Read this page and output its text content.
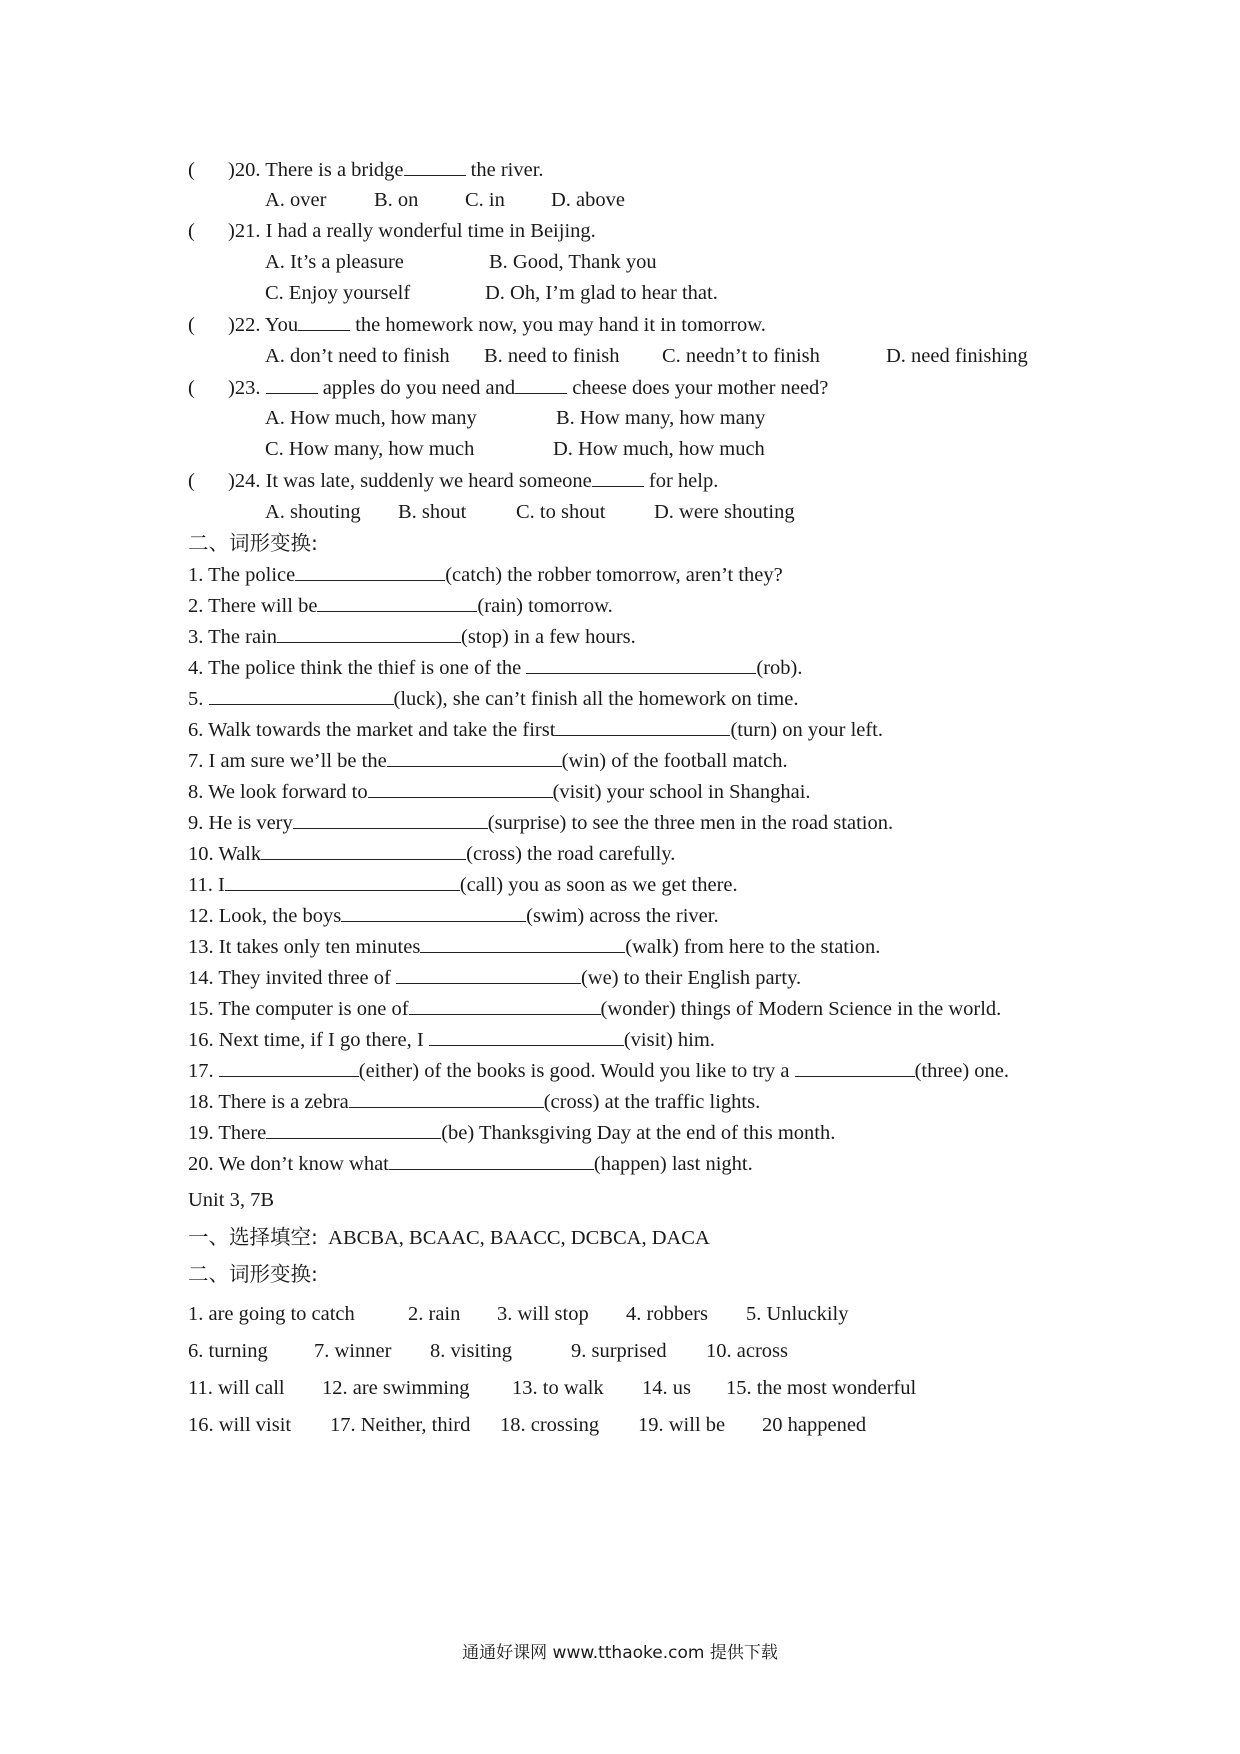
( )20. There is a bridge	the river.
A. over B. on C. in D. above
( )21. I had a really wonderful time in Beijing.
A. It’s a pleasure	B. Good, Thank you
C. Enjoy yourself	D. Oh, I’m glad to hear that.
( )22. You	the homework now, you may hand it in tomorrow.
A. don’t need to finish B. need to finish C. needn’t to finish	D. need finishing
( )23.	apples do you need and	cheese does your mother need?
A. How much, how many	B. How many, how many
C. How many, how much	D. How much, how much
( )24. It was late, suddenly we heard someone	for help.
A. shouting B. shout C. to shout D. were shouting
二、词形变换:
1. The police	(catch) the robber tomorrow, aren’t they?
2. There will be	(rain) tomorrow.
3. The rain	(stop) in a few hours.
4. The police think the thief is one of the	(rob).
5.	(luck), she can’t finish all the homework on time.
6. Walk towards the market and take the first	(turn) on your left.
7. I am sure we’ll be the	(win) of the football match.
8. We look forward to	(visit) your school in Shanghai.
9. He is very	(surprise) to see the three men in the road station.
10. Walk	(cross) the road carefully.
11. I	(call) you as soon as we get there.
12. Look, the boys	(swim) across the river.
13. It takes only ten minutes	(walk) from here to the station.
14. They invited three of	(we) to their English party.
15. The computer is one of	(wonder) things of Modern Science in the world.
16. Next time, if I go there, I	(visit) him.
17.	(either) of the books is good. Would you like to try a	(three) one.
18. There is a zebra	(cross) at the traffic lights.
19. There	(be) Thanksgiving Day at the end of this month.
20. We don’t know what	(happen) last night.
Unit 3, 7B
一、选择填空: ABCBA, BCAAC, BAACC, DCBCA, DACA
二、词形变换:
1. are going to catch	2. rain 3. will stop 4. robbers 5. Unluckily
6. turning 7. winner 8. visiting	9. surprised 10. across
11. will call 12. are swimming 13. to walk 14. us 15. the most wonderful
16. will visit 17. Neither, third 18. crossing 19. will be 20 happened
通通好课网 www.tthaoke.com 提供下载
